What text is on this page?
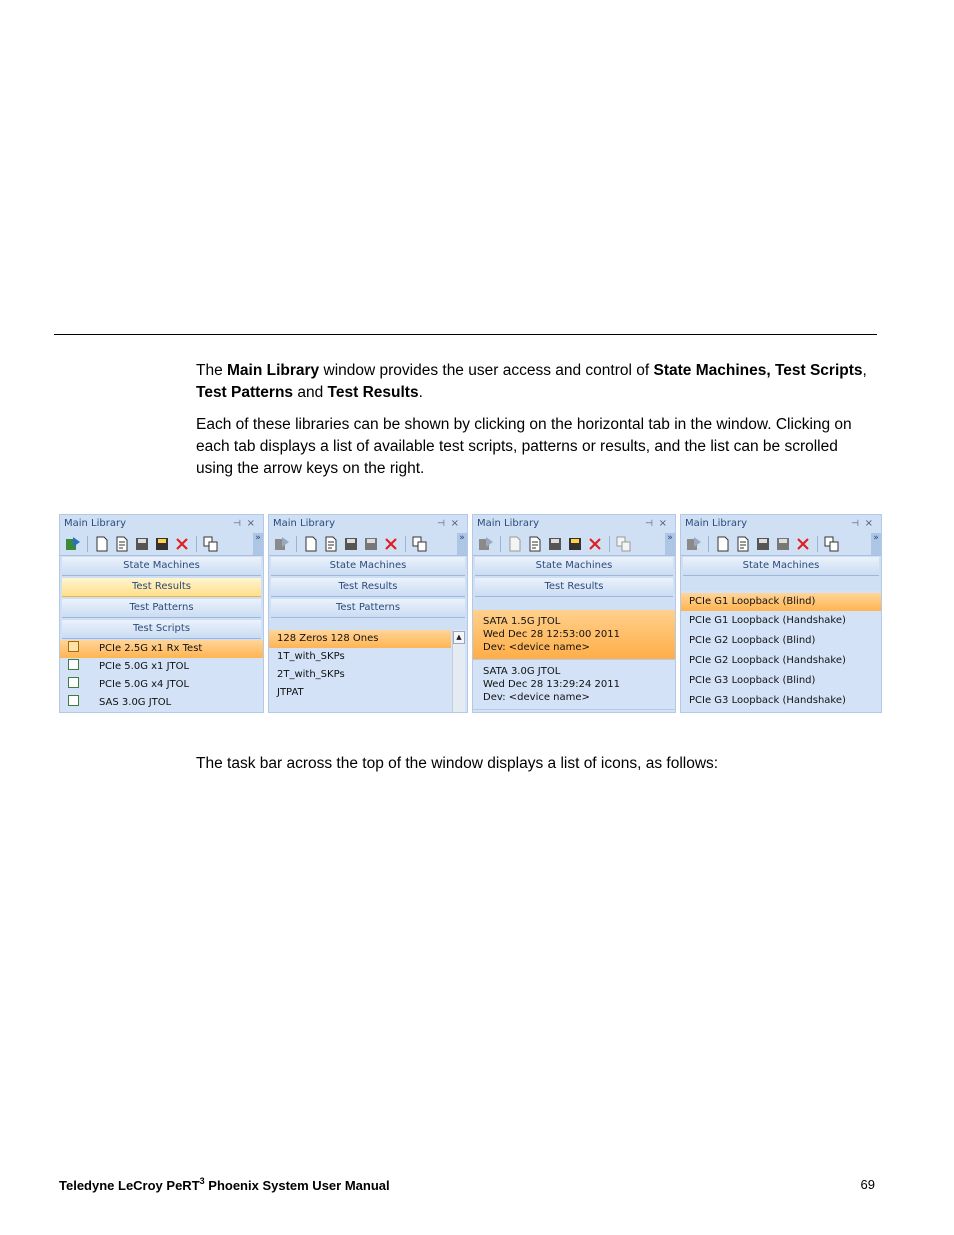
The Main Library window provides the user access and control of State Machines, Test Scripts, Test Patterns and Test Results.

Each of these libraries can be shown by clicking on the horizontal tab in the window. Clicking on each tab displays a list of available test scripts, patterns or results, and the list can be scrolled using the arrow keys on the right.

Main Library	⊣ ×
»
State Machines
Test Results
Test Patterns
Test Scripts
PCIe 2.5G x1 Rx Test
PCIe 5.0G x1 JTOL
PCIe 5.0G x4 JTOL
SAS 3.0G JTOL
Main Library	⊣ ×
»
State Machines
Test Results
Test Patterns
128 Zeros 128 Ones
1T_with_SKPs
2T_with_SKPs
JTPAT
▲
Main Library	⊣ ×
»
State Machines
Test Results
SATA 1.5G JTOL
Wed Dec 28 12:53:00 2011
Dev: <device name>
SATA 3.0G JTOL
Wed Dec 28 13:29:24 2011
Dev: <device name>
Main Library	⊣ ×
»
State Machines
PCIe G1 Loopback (Blind)
PCIe G1 Loopback (Handshake)
PCIe G2 Loopback (Blind)
PCIe G2 Loopback (Handshake)
PCIe G3 Loopback (Blind)
PCIe G3 Loopback (Handshake)

The task bar across the top of the window displays a list of icons, as follows:

Teledyne LeCroy PeRT$^3$ Phoenix System User Manual	69
